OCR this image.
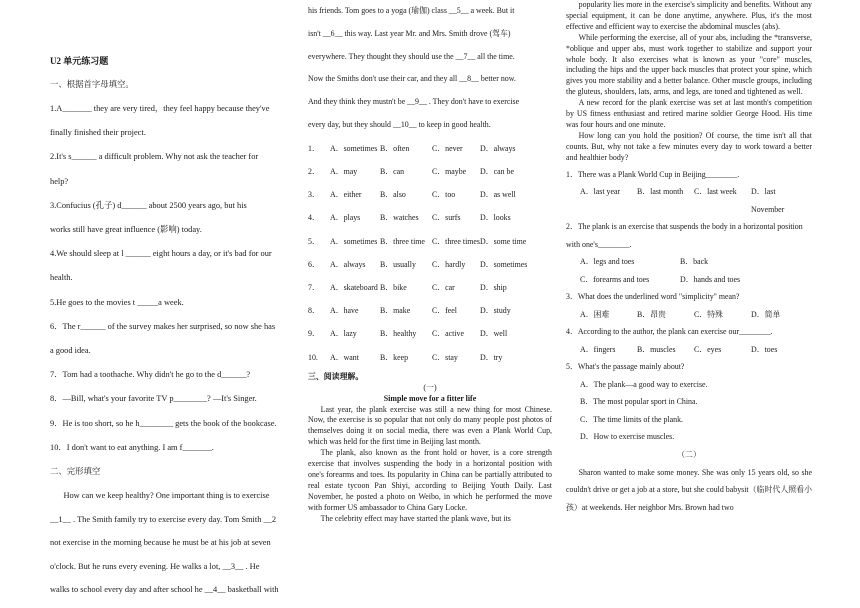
U2 单元练习题

一、根据首字母填空。

1.A_______ they are very tired，they feel happy because they've

finally finished their project.

2.It's s______ a difficult problem. Why not ask the teacher for

help?

3.Confucius (孔子) d______ about 2500 years ago, but his

works still have great influence (影响) today.

4.We should sleep at l ______ eight hours a day, or it's bad for our

health.

5.He goes to the movies t _____a week.

6．The r______ of the survey makes her surprised, so now she has

a good idea.

7．Tom had a toothache. Why didn't he go to the d______?

8．—Bill, what's your favorite TV p________? —It's Singer.

9．He is too short, so he h________ gets the book of the bookcase.

10．I don't want to eat anything. I am f_______.

二、完形填空

How can we keep healthy? One important thing is to exercise

__1__ . The Smith family try to exercise every day. Tom Smith __2

not exercise in the morning because he must be at his job at seven

o'clock. But he runs every evening. He walks a lot, __3__ . He

walks to school every day and after school he __4__ basketball with

his friends. Tom goes to a yoga (瑜伽) class __5__ a week. But it

isn't __6__ this way. Last year Mr. and Mrs. Smith drove (驾车)

everywhere. They thought they should use the __7__ all the time.

Now the Smiths don't use their car, and they all __8__ better now.

And they think they mustn't be __9__ . They don't have to exercise

every day, but they should __10__ to keep in good health.

1．	A．sometimes B．often	C．never	D．always
2．	A．may	B．can	C．maybe	D．can be
3．	A．either	B．also	C．too	D．as well
4．	A．plays	B．watches	C．surfs	D．looks
5．	A．sometimes B．three time C．three times D．some time
6．	A．always	B．usually	C．hardly	D．sometimes
7．	A．skateboard B．bike	C．car	D．ship
8．	A．have	B．make	C．feel	D．study
9．	A．lazy	B．healthy	C．active	D．well
10.	A．want	B．keep	C．stay	D．try

三、阅读理解。

(一)

Simple move for a fitter life

Last year, the plank exercise was still a new thing for most Chinese. Now, the exercise is so popular that not only do many people post photos of themselves doing it on social media, there was even a Plank World Cup, which was held for the first time in Beijing last month.

The plank, also known as the front hold or hover, is a core strength exercise that involves suspending the body in a horizontal position with one's forearms and toes. Its popularity in China can be partially attributed to real estate tycoon Pan Shiyi, according to Beijing Youth Daily. Last November, he posted a photo on Weibo, in which he performed the move with former US ambassador to China Gary Locke.

The celebrity effect may have started the plank wave, but its

popularity lies more in the exercise's simplicity and benefits. Without any special equipment, it can be done anytime, anywhere. Plus, it's the most effective and efficient way to exercise the abdominal muscles (abs).

While performing the exercise, all of your abs, including the *transverse, *oblique and upper abs, must work together to stabilize and support your whole body. It also exercises what is known as your "core" muscles, including the hips and the upper back muscles that protect your spine, which gives you more stability and a better balance. Other muscle groups, including the gluteus, shoulders, lats, arms, and legs, are toned and tightened as well.

A new record for the plank exercise was set at last month's competition by US fitness enthusiast and retired marine soldier George Hood. His time was four hours and one minute.

How long can you hold the position? Of course, the time isn't all that counts. But, why not take a few minutes every day to work toward a better and healthier body?

1．There was a Plank World Cup in Beijing________.

A．last year	B．last month	C．last week	D．last November

2．The plank is an exercise that suspends the body in a horizontal position with one's________.

A．legs and toes	B．back
C．forearms and toes	D．hands and toes

3．What does the underlined word "simplicity" mean?

A．困难	B．昂贵	C．特殊	D．简单

4．According to the author, the plank can exercise our________.

A．fingers	B．muscles	C．eyes	D．toes

5．What's the passage mainly about?

A．The plank—a good way to exercise.
B．The most popular sport in China.
C．The time limits of the plank.
D．How to exercise muscles.

（二）

Sharon wanted to make some money. She was only 15 years old, so she couldn't drive or get a job at a store, but she could babysit（临时代人照看小孩）at weekends. Her neighbor Mrs. Brown had two
